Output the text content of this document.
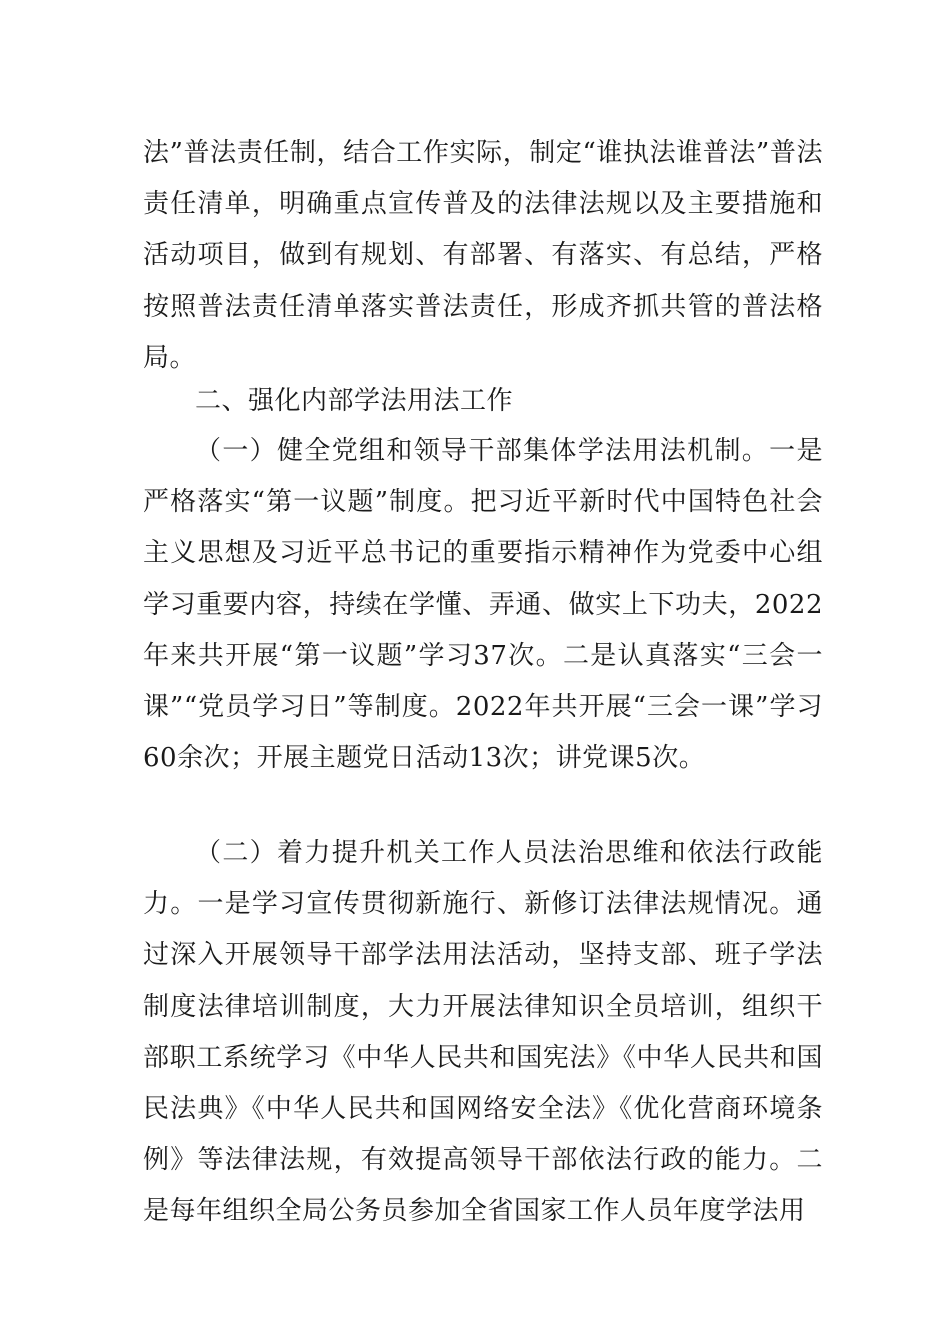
法”普法责任制，结合工作实际，制定“谁执法谁普法”普法责任清单，明确重点宣传普及的法律法规以及主要措施和活动项目，做到有规划、有部署、有落实、有总结，严格按照普法责任清单落实普法责任，形成齐抓共管的普法格局。

二、强化内部学法用法工作

（一）健全党组和领导干部集体学法用法机制。一是严格落实“第一议题”制度。把习近平新时代中国特色社会主义思想及习近平总书记的重要指示精神作为党委中心组学习重要内容，持续在学懂、弄通、做实上下功夫，2022年来共开展“第一议题”学习37次。二是认真落实“三会一课”“党员学习日”等制度。2022年共开展“三会一课”学习60余次；开展主题党日活动13次；讲党课5次。

（二）着力提升机关工作人员法治思维和依法行政能力。一是学习宣传贯彻新施行、新修订法律法规情况。通过深入开展领导干部学法用法活动，坚持支部、班子学法制度法律培训制度，大力开展法律知识全员培训，组织干部职工系统学习《中华人民共和国宪法》《中华人民共和国民法典》《中华人民共和国网络安全法》《优化营商环境条例》等法律法规，有效提高领导干部依法行政的能力。二是每年组织全局公务员参加全省国家工作人员年度学法用
